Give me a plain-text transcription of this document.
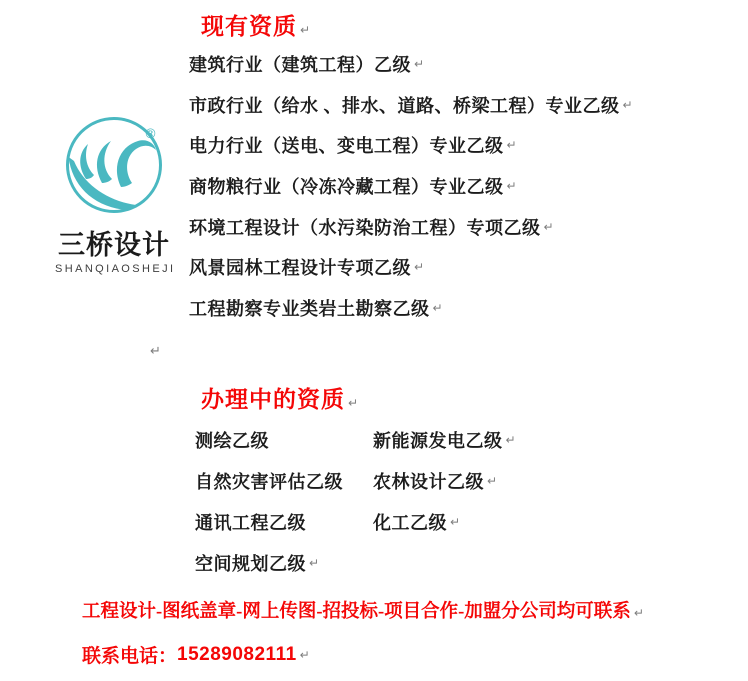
现有资质 ↵
建筑行业（建筑工程）乙级 ↵
市政行业（给水 、排水、道路、桥梁工程）专业乙级 ↵
电力行业（送电、变电工程）专业乙级 ↵
商物粮行业（冷冻冷藏工程）专业乙级 ↵
环境工程设计（水污染防治工程）专项乙级 ↵
风景园林工程设计专项乙级 ↵
工程勘察专业类岩土勘察乙级 ↵
®
三桥设计
SHANQIAOSHEJI
↵
办理中的资质 ↵
测绘乙级	新能源发电乙级 ↵
自然灾害评估乙级 农林设计乙级 ↵
通讯工程乙级	化工乙级 ↵
空间规划乙级 ↵
工程设计-图纸盖章-网上传图-招投标-项目合作-加盟分公司均可联系 ↵
联系电话： 15289082111 ↵
